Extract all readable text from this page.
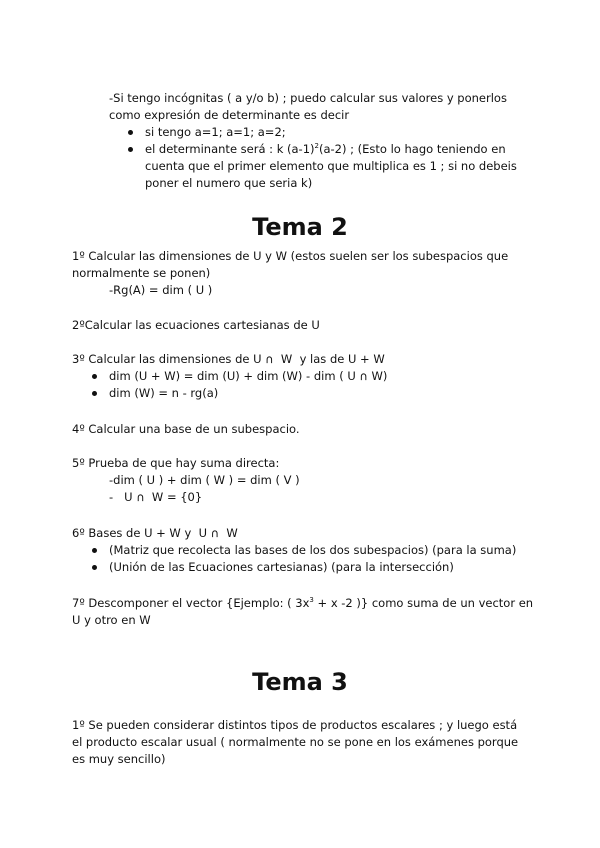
-Si tengo incógnitas ( a y/o b) ; puedo calcular sus valores y ponerlos

como expresión de determinante es decir

si tengo a=1; a=1; a=2;
el determinante será : k $(a-1)^2(a-2)$ ; (Esto lo hago teniendo en
cuenta que el primer elemento que multiplica es 1 ; si no debeis
poner el numero que seria k)
Tema 2

1º Calcular las dimensiones de U y W (estos suelen ser los subespacios que

normalmente se ponen)

-Rg(A) = dim ( U )

2ºCalcular las ecuaciones cartesianas de U

3º Calcular las dimensiones de U ∩  W  y las de U + W

dim (U + W) = dim (U) + dim (W) - dim ( U ∩ W)
dim (W) = n - rg(a)

4º Calcular una base de un subespacio.

5º Prueba de que hay suma directa:

-dim ( U ) + dim ( W ) = dim ( V )

-   U ∩  W = {0}

6º Bases de U + W y  U ∩  W

(Matriz que recolecta las bases de los dos subespacios) (para la suma)
(Unión de las Ecuaciones cartesianas) (para la intersección)

7º Descomponer el vector {Ejemplo: ( $3x^3 + x$ -2 )} como suma de un vector en

U y otro en W

Tema 3

1º Se pueden considerar distintos tipos de productos escalares ; y luego está

el producto escalar usual ( normalmente no se pone en los exámenes porque

es muy sencillo)
